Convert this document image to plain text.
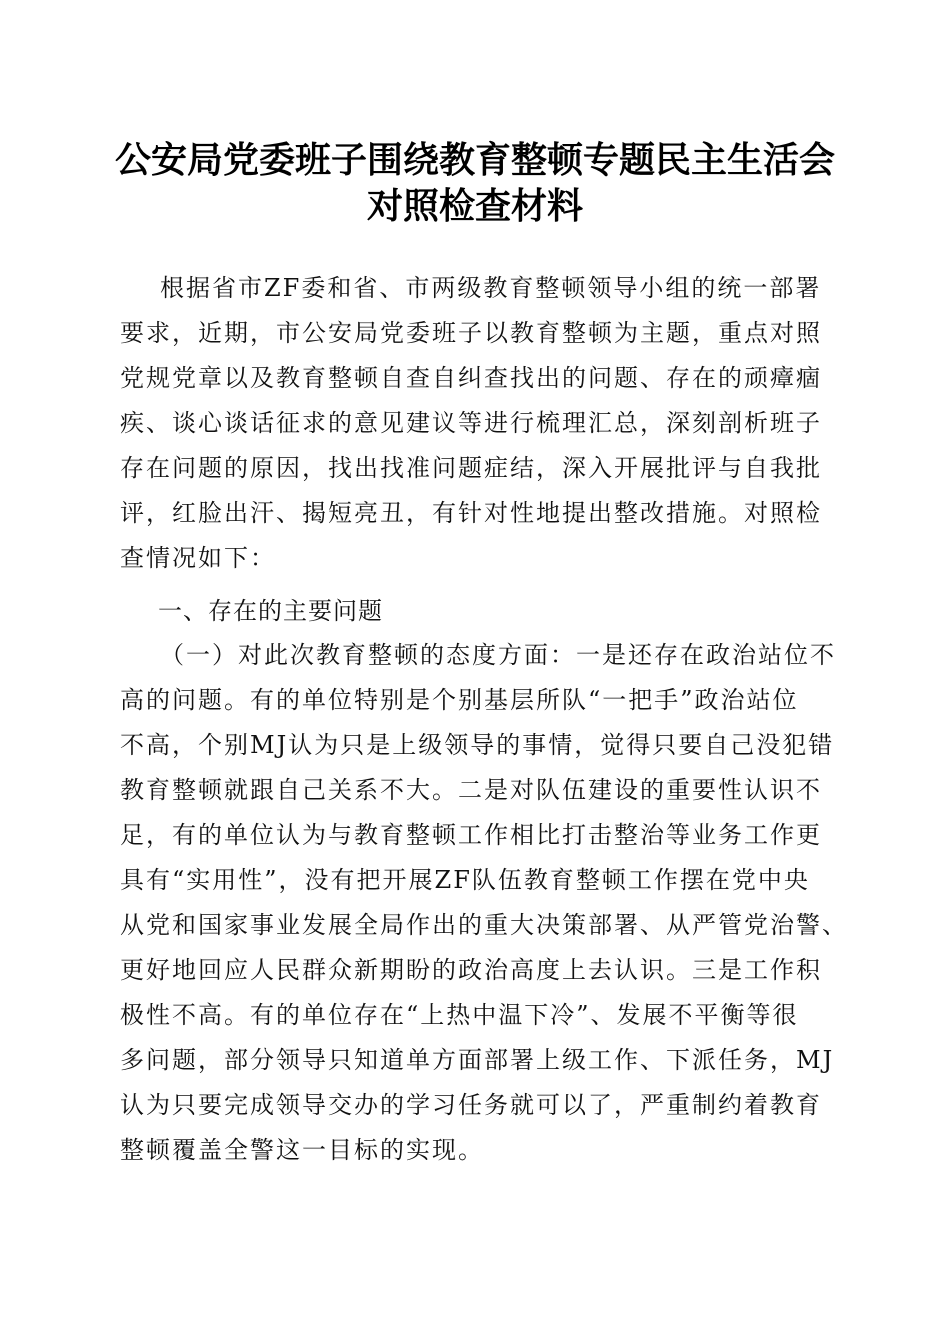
公安局党委班子围绕教育整顿专题民主生活会
对照检查材料
根据省市ZF委和省、市两级教育整顿领导小组的统一部署
要求，近期，市公安局党委班子以教育整顿为主题，重点对照
党规党章以及教育整顿自查自纠查找出的问题、存在的顽瘴痼
疾、谈心谈话征求的意见建议等进行梳理汇总，深刻剖析班子
存在问题的原因，找出找准问题症结，深入开展批评与自我批
评，红脸出汗、揭短亮丑，有针对性地提出整改措施。对照检
查情况如下：
一、存在的主要问题
（一）对此次教育整顿的态度方面：一是还存在政治站位不
高的问题。有的单位特别是个别基层所队“一把手”政治站位
不高，个别MJ认为只是上级领导的事情，觉得只要自己没犯错
教育整顿就跟自己关系不大。二是对队伍建设的重要性认识不
足，有的单位认为与教育整顿工作相比打击整治等业务工作更
具有“实用性”，没有把开展ZF队伍教育整顿工作摆在党中央
从党和国家事业发展全局作出的重大决策部署、从严管党治警、
更好地回应人民群众新期盼的政治高度上去认识。三是工作积
极性不高。有的单位存在“上热中温下冷”、发展不平衡等很
多问题，部分领导只知道单方面部署上级工作、下派任务，MJ
认为只要完成领导交办的学习任务就可以了，严重制约着教育
整顿覆盖全警这一目标的实现。
